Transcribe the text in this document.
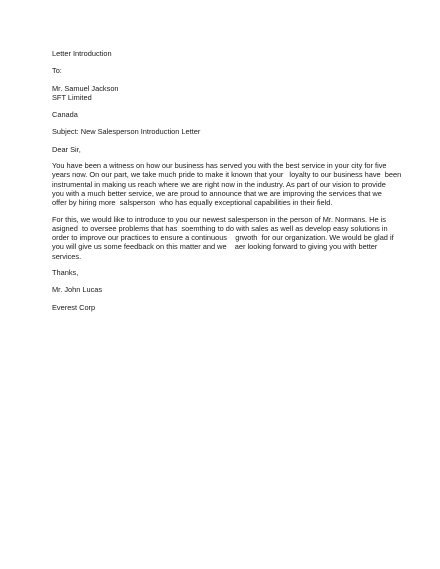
Letter Introduction
To:
Mr. Samuel Jackson
SFT Limited
Canada
Subject: New Salesperson Introduction Letter
Dear Sir,
You have been a witness on how our business has served you with the best service in your city for five
years now. On our part, we take much pride to make it known that your   loyalty to our business have  been
instrumental in making us reach where we are right now in the industry. As part of our vision to provide
you with a much better service, we are proud to announce that we are improving the services that we
offer by hiring more  salsperson  who has equally exceptional capabilities in their field.
For this, we would like to introduce to you our newest salesperson in the person of Mr. Normans. He is
asigned  to oversee problems that has  soemthing to do with sales as well as develop easy solutions in
order to improve our practices to ensure a continuous    grwoth  for our organization. We would be glad if
you will give us some feedback on this matter and we    aer looking forward to giving you with better
services.
Thanks,
Mr. John Lucas
Everest Corp
